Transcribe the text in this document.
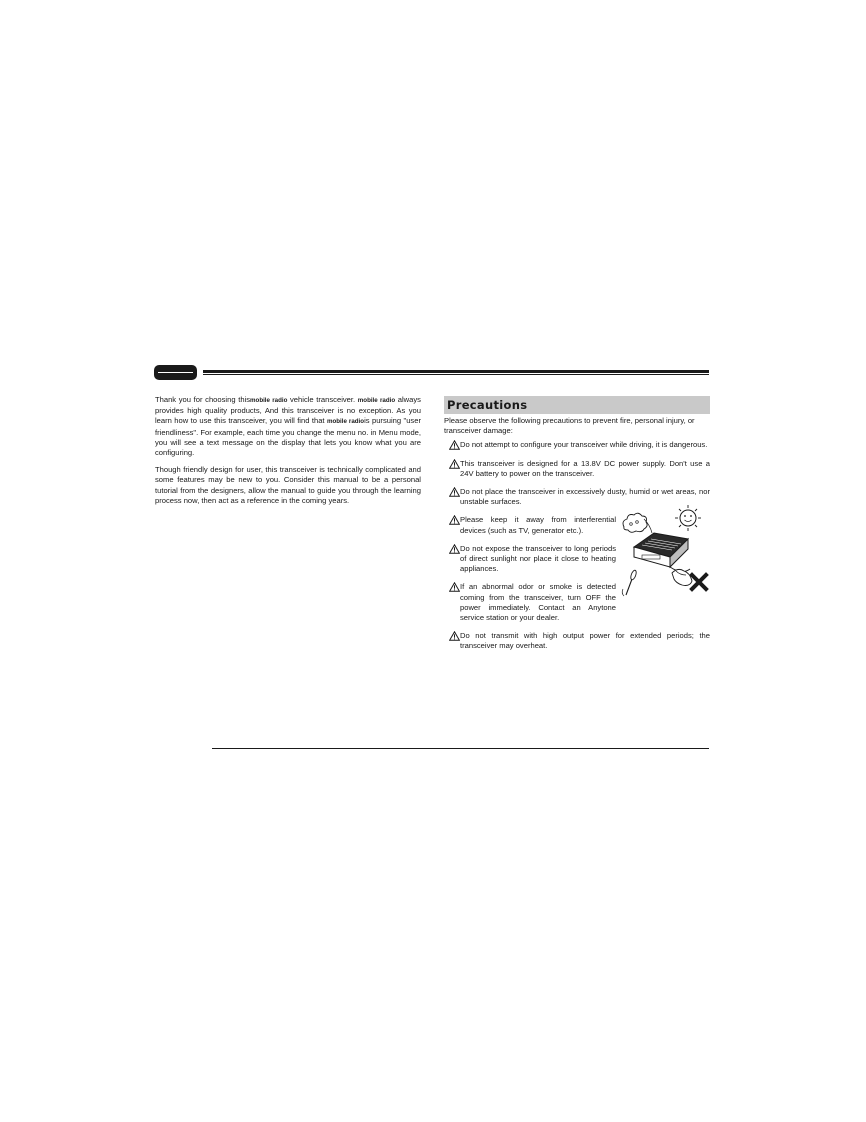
Thank you for choosing thismobile radio vehicle transceiver. mobile radio always provides high quality products, And this transceiver is no exception. As you learn how to use this transceiver, you will find that mobile radiois pursuing "user friendliness". For example, each time you change the menu no. in Menu mode, you will see a text message on the display that lets you know what you are configuring.

Though friendly design for user, this transceiver is technically complicated and some features may be new to you. Consider this manual to be a personal tutorial from the designers, allow the manual to guide you through the learning process now, then act as a reference in the coming years.

Precautions
Please observe the following precautions to prevent fire, personal injury, or transceiver damage:
Do not attempt to configure your transceiver while driving, it is dangerous.
This transceiver is designed for a 13.8V DC power supply. Don't use a 24V battery to power on the transceiver.
Do not place the transceiver in excessively dusty, humid or wet areas, nor unstable surfaces.
Please keep it away from interferential devices (such as TV, generator etc.).
Do not expose the transceiver to long periods of direct sunlight nor place it close to heating appliances.
If an abnormal odor or smoke is detected coming from the transceiver, turn OFF the power immediately. Contact an Anytone service station or your dealer.
Do not transmit with high output power for extended periods; the transceiver may overheat.
